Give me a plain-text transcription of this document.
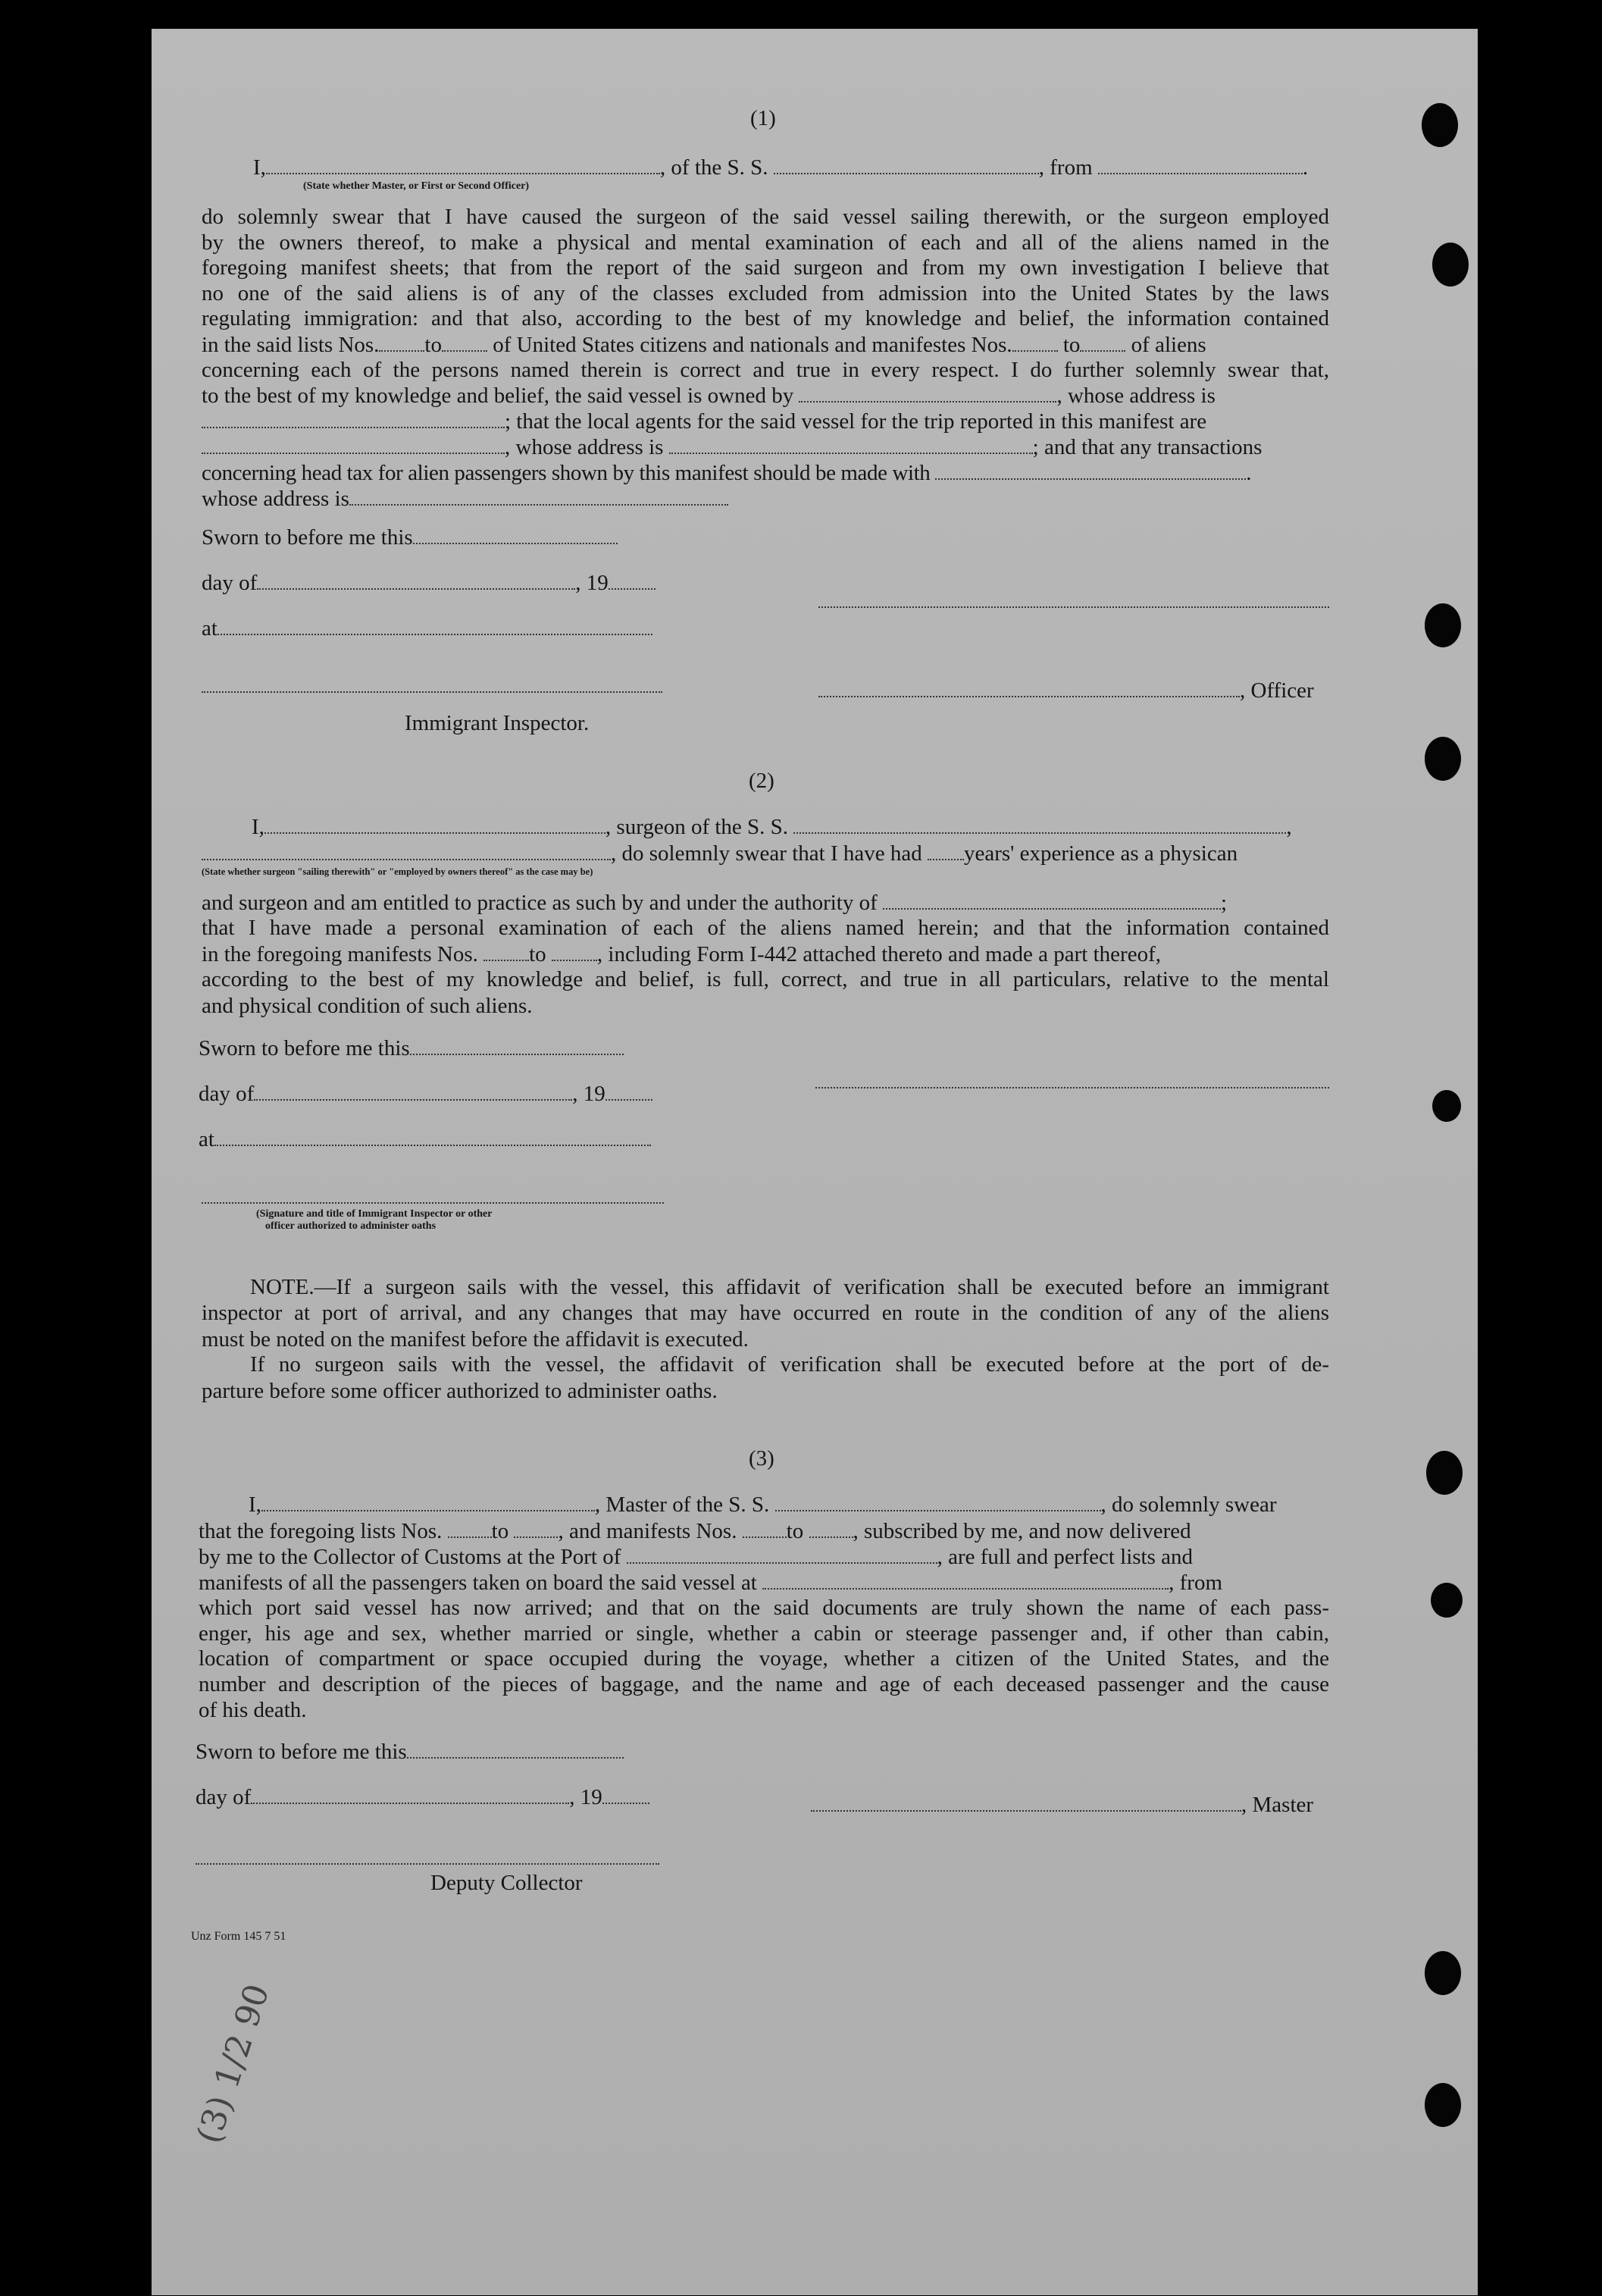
(1)
I,	, of the S. S.	, from	.
(State whether Master, or First or Second Officer)
do solemnly swear that I have caused the surgeon of the said vessel sailing therewith, or the surgeon employed
by the owners thereof, to make a physical and mental examination of each and all of the aliens named in the
foregoing manifest sheets; that from the report of the said surgeon and from my own investigation I believe that
no one of the said aliens is of any of the classes excluded from admission into the United States by the laws
regulating immigration: and that also, according to the best of my knowledge and belief, the information contained
in the said lists Nos. to of United States citizens and nationals and manifestes Nos. to of aliens
concerning each of the persons named therein is correct and true in every respect. I do further solemnly swear that,
to the best of my knowledge and belief, the said vessel is owned by	, whose address is
; that the local agents for the said vessel for the trip reported in this manifest are
, whose address is	; and that any transactions
concerning head tax for alien passengers shown by this manifest should be made with	.
whose address is
Sworn to before me this
day of	, 19
at
, Officer
Immigrant Inspector.
(2)
I,	, surgeon of the S. S.	,
, do solemnly swear that I have had years' experience as a physican
(State whether surgeon "sailing therewith" or "employed by owners thereof" as the case may be)
and surgeon and am entitled to practice as such by and under the authority of	;
that I have made a personal examination of each of the aliens named herein; and that the information contained
in the foregoing manifests Nos. to , including Form I-442 attached thereto and made a part thereof,
according to the best of my knowledge and belief, is full, correct, and true in all particulars, relative to the mental
and physical condition of such aliens.
Sworn to before me this
day of	, 19
at
(Signature and title of Immigrant Inspector or other
officer authorized to administer oaths
NOTE.—If a surgeon sails with the vessel, this affidavit of verification shall be executed before an immigrant
inspector at port of arrival, and any changes that may have occurred en route in the condition of any of the aliens
must be noted on the manifest before the affidavit is executed.
If no surgeon sails with the vessel, the affidavit of verification shall be executed before at the port of de-
parture before some officer authorized to administer oaths.
(3)
I,	, Master of the S. S.	, do solemnly swear
that the foregoing lists Nos. to , and manifests Nos. to , subscribed by me, and now delivered
by me to the Collector of Customs at the Port of	, are full and perfect lists and
manifests of all the passengers taken on board the said vessel at	, from
which port said vessel has now arrived; and that on the said documents are truly shown the name of each pass-
enger, his age and sex, whether married or single, whether a cabin or steerage passenger and, if other than cabin,
location of compartment or space occupied during the voyage, whether a citizen of the United States, and the
number and description of the pieces of baggage, and the name and age of each deceased passenger and the cause
of his death.
Sworn to before me this
day of	, 19	, Master
Deputy Collector
Unz Form 145 7 51
(3) 1/2 90
